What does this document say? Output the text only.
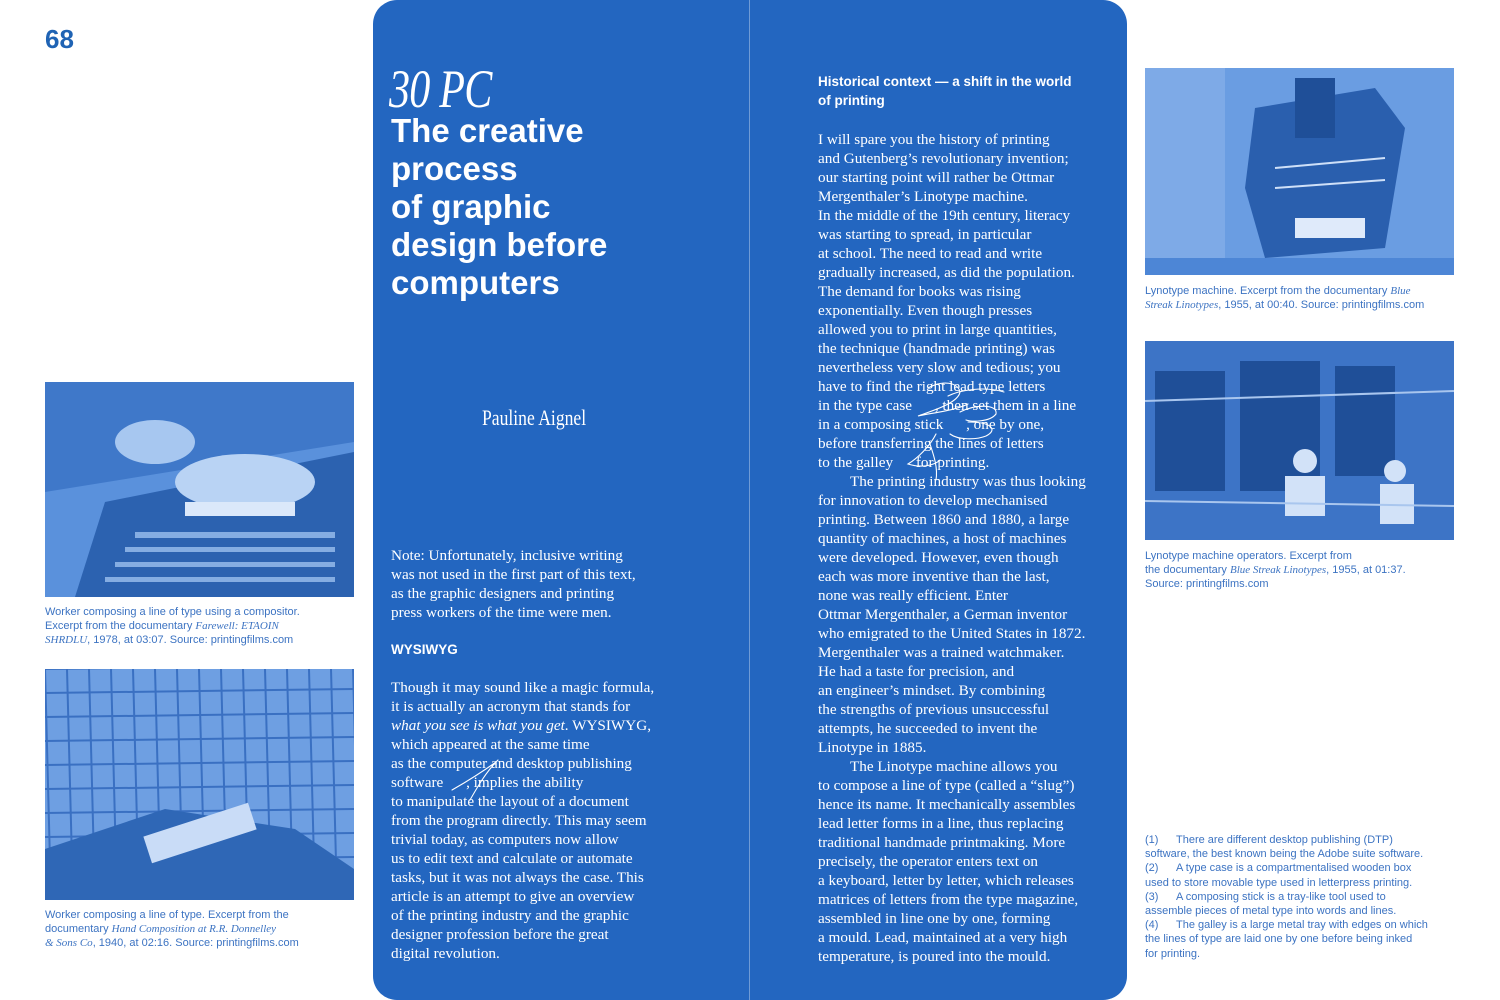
68
Worker composing a line of type using a compositor.
Excerpt from the documentary Farewell: ETAOIN
SHRDLU, 1978, at 03:07. Source: printingfilms.com
Worker composing a line of type. Excerpt from the
documentary Hand Composition at R.R. Donnelley
& Sons Co, 1940, at 02:16. Source: printingfilms.com
30 PC
The creative
process
of graphic
design before
computers
Pauline Aignel
Note: Unfortunately, inclusive writing
was not used in the first part of this text,
as the graphic designers and printing
press workers of the time were men.
WYSIWYG
Though it may sound like a magic formula,
it is actually an acronym that stands for
what you see is what you get. WYSIWYG,
which appeared at the same time
as the computer and desktop publishing
software      , implies the ability
to manipulate the layout of a document
from the program directly. This may seem
trivial today, as computers now allow
us to edit text and calculate or automate
tasks, but it was not always the case. This
article is an attempt to give an overview
of the printing industry and the graphic
designer profession before the great
digital revolution.
Historical context — a shift in the world
of printing
I will spare you the history of printing
and Gutenberg’s revolutionary invention;
our starting point will rather be Ottmar
Mergenthaler’s Linotype machine.
In the middle of the 19th century, literacy
was starting to spread, in particular
at school. The need to read and write
gradually increased, as did the population.
The demand for books was rising
exponentially. Even though presses
allowed you to print in large quantities,
the technique (handmade printing) was
nevertheless very slow and tedious; you
have to find the right lead type letters
in the type case      , then set them in a line
in a composing stick      , one by one,
before transferring the lines of letters
to the galley      for printing.
The printing industry was thus looking
for innovation to develop mechanised
printing. Between 1860 and 1880, a large
quantity of machines, a host of machines
were developed. However, even though
each was more inventive than the last,
none was really efficient. Enter
Ottmar Mergenthaler, a German inventor
who emigrated to the United States in 1872.
Mergenthaler was a trained watchmaker.
He had a taste for precision, and
an engineer’s mindset. By combining
the strengths of previous unsuccessful
attempts, he succeeded to invent the
Linotype in 1885.
The Linotype machine allows you
to compose a line of type (called a “slug”)
hence its name. It mechanically assembles
lead letter forms in a line, thus replacing
traditional handmade printmaking. More
precisely, the operator enters text on
a keyboard, letter by letter, which releases
matrices of letters from the type magazine,
assembled in line one by one, forming
a mould. Lead, maintained at a very high
temperature, is poured into the mould.
Lynotype machine. Excerpt from the documentary Blue
Streak Linotypes, 1955, at 00:40. Source: printingfilms.com
Lynotype machine operators. Excerpt from
the documentary Blue Streak Linotypes, 1955, at 01:37.
Source: printingfilms.com
(1) There are different desktop publishing (DTP)
software, the best known being the Adobe suite software.
(2) A type case is a compartmentalised wooden box
used to store movable type used in letterpress printing.
(3) A composing stick is a tray-like tool used to
assemble pieces of metal type into words and lines.
(4) The galley is a large metal tray with edges on which
the lines of type are laid one by one before being inked
for printing.
